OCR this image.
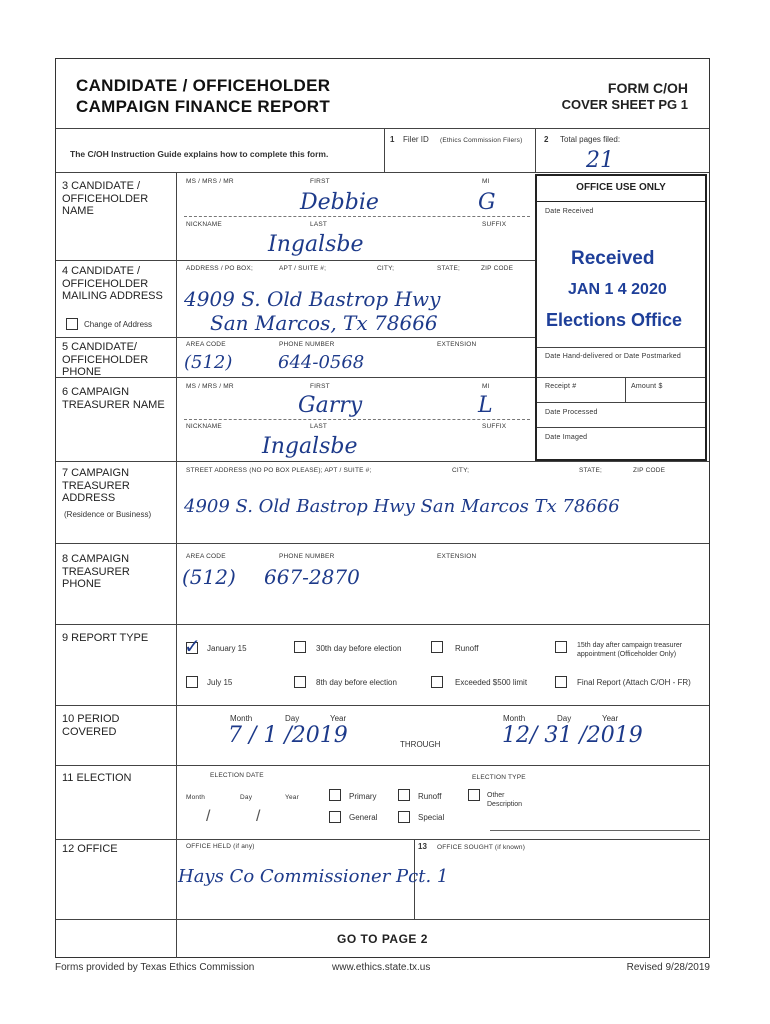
CANDIDATE / OFFICEHOLDER
CAMPAIGN FINANCE REPORT
FORM C/OH
COVER SHEET PG 1
The C/OH Instruction Guide explains how to complete this form.
1 Filer ID (Ethics Commission Filers)	2 Total pages filed:
21
OFFICE USE ONLY
Date Received
Received
JAN 1 4 2020
Elections Office
Date Hand-delivered or Date Postmarked
Receipt #	Amount $
Date Processed
Date Imaged
3 CANDIDATE / OFFICEHOLDER NAME
MS / MRS / MR	FIRST	MI
Debbie	G
NICKNAME	LAST	SUFFIX
Ingalsbe
4 CANDIDATE / OFFICEHOLDER MAILING ADDRESS
Change of Address
ADDRESS / PO BOX;	APT / SUITE #;	CITY;	STATE;	ZIP CODE
4909 S. Old Bastrop Hwy
San Marcos, Tx 78666
5 CANDIDATE/ OFFICEHOLDER PHONE
AREA CODE	PHONE NUMBER	EXTENSION
(512)	644-0568
6 CAMPAIGN TREASURER NAME
MS / MRS / MR	FIRST	MI
Garry	L
NICKNAME	LAST	SUFFIX
Ingalsbe
7 CAMPAIGN TREASURER ADDRESS
(Residence or Business)
STREET ADDRESS (NO PO BOX PLEASE); APT / SUITE #;	CITY;	STATE;	ZIP CODE
4909 S. Old Bastrop Hwy San Marcos Tx 78666
8 CAMPAIGN TREASURER PHONE
AREA CODE	PHONE NUMBER	EXTENSION
(512) 667-2870
9 REPORT TYPE ✓ January 15	30th day before election	Runoff	15th day after campaign treasurer appointment (Officeholder Only)
July 15	8th day before election	Exceeded $500 limit	Final Report (Attach C/OH - FR)
10 PERIOD COVERED
Month	Day	Year	Month	Day	Year
7 / 1 /2019	THROUGH	12/ 31 /2019
11 ELECTION	ELECTION DATE	ELECTION TYPE
Month	Day	Year
/	/
Primary	Runoff	Other Description
General	Special
12 OFFICE	OFFICE HELD (if any)	13 OFFICE SOUGHT (if known)
Hays Co Commissioner Pct. 1
GO TO PAGE 2
Forms provided by Texas Ethics Commission	www.ethics.state.tx.us	Revised 9/28/2019
